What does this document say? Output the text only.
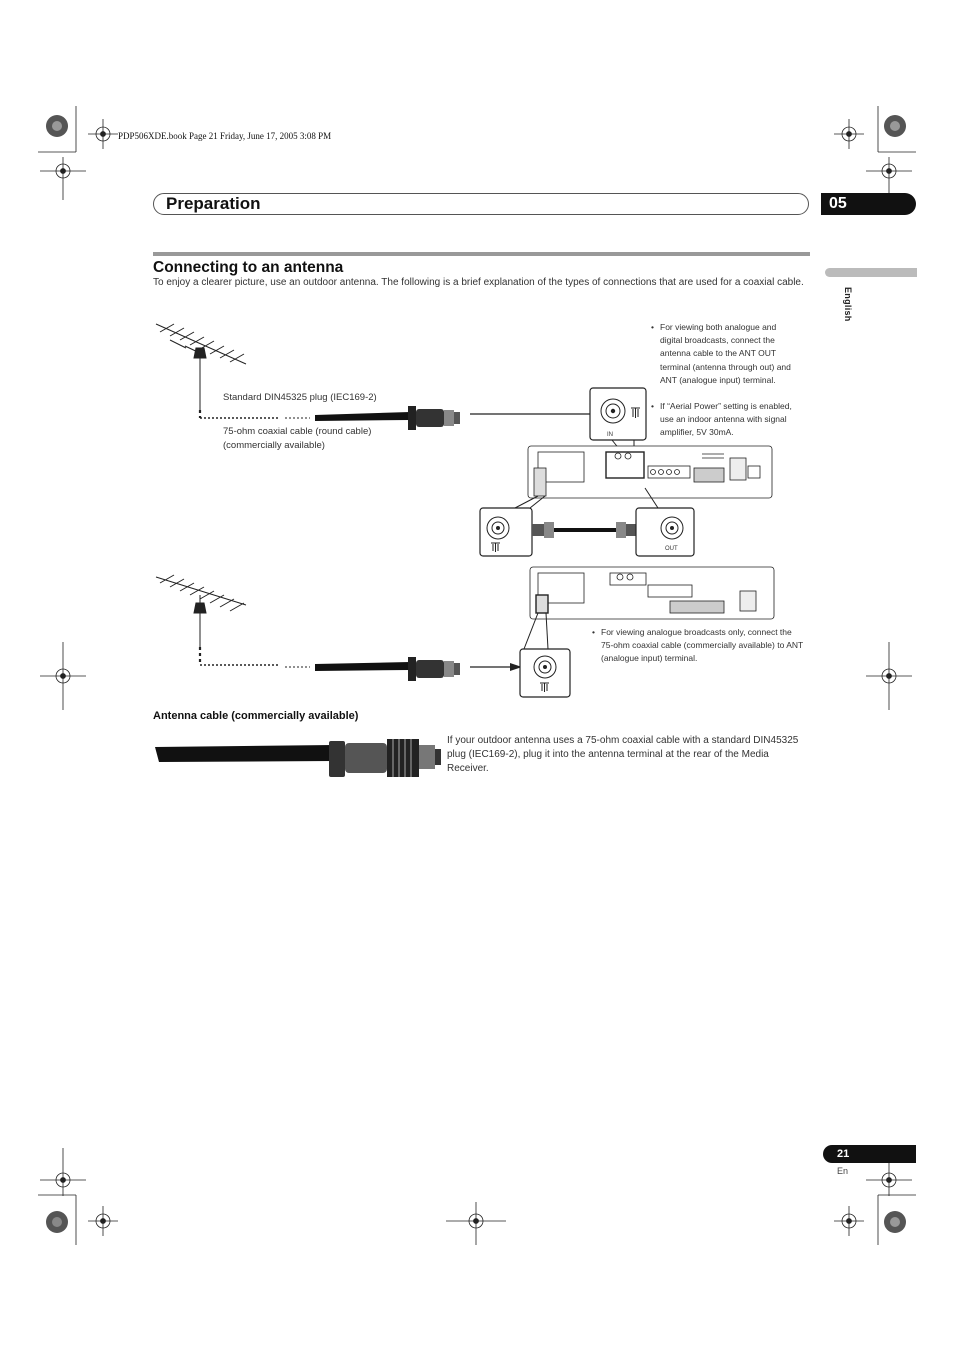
PDP506XDE.book Page 21 Friday, June 17, 2005 3:08 PM
Preparation	05
Connecting to an antenna
To enjoy a clearer picture, use an outdoor antenna. The following is a brief explanation of the types of connections that are used for a coaxial cable.
English
IN
OUT
Standard DIN45325 plug (IEC169-2)
75-ohm coaxial cable (round cable)
(commercially available)
• For viewing both analogue and digital broadcasts, connect the antenna cable to the ANT OUT terminal (antenna through out) and ANT (analogue input) terminal.
• If “Aerial Power” setting is enabled, use an indoor antenna with signal amplifier, 5V 30mA.
• For viewing analogue broadcasts only, connect the 75-ohm coaxial cable (commercially available) to ANT (analogue input) terminal.
Antenna cable (commercially available)
If your outdoor antenna uses a 75-ohm coaxial cable with a standard DIN45325 plug (IEC169-2), plug it into the antenna terminal at the rear of the Media Receiver.
21
En
